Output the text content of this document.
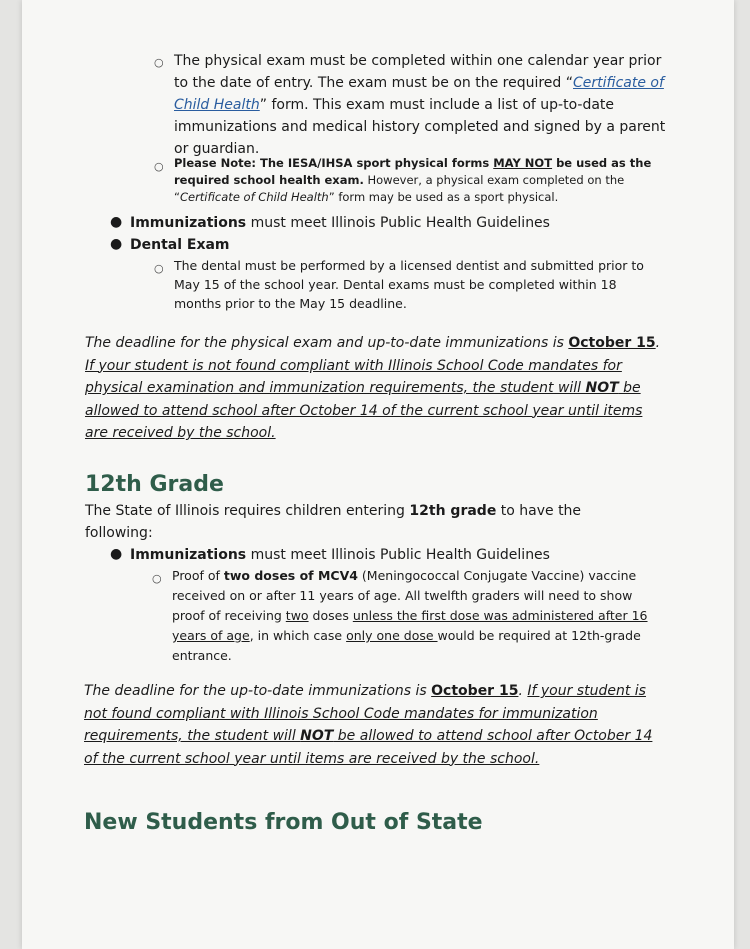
○ The physical exam must be completed within one calendar year prior to the date of entry. The exam must be on the required “Certificate of Child Health” form. This exam must include a list of up-to-date immunizations and medical history completed and signed by a parent or guardian.
○ Please Note: The IESA/IHSA sport physical forms MAY NOT be used as the required school health exam. However, a physical exam completed on the “Certificate of Child Health” form may be used as a sport physical.
● Immunizations must meet Illinois Public Health Guidelines
● Dental Exam
○ The dental must be performed by a licensed dentist and submitted prior to May 15 of the school year. Dental exams must be completed within 18 months prior to the May 15 deadline.
The deadline for the physical exam and up-to-date immunizations is October 15. If your student is not found compliant with Illinois School Code mandates for physical examination and immunization requirements, the student will NOT be allowed to attend school after October 14 of the current school year until items are received by the school.
12th Grade
The State of Illinois requires children entering 12th grade to have the following:
● Immunizations must meet Illinois Public Health Guidelines
○ Proof of two doses of MCV4 (Meningococcal Conjugate Vaccine) vaccine received on or after 11 years of age. All twelfth graders will need to show proof of receiving two doses unless the first dose was administered after 16 years of age, in which case only one dose would be required at 12th-grade entrance.
The deadline for the up-to-date immunizations is October 15. If your student is not found compliant with Illinois School Code mandates for immunization requirements, the student will NOT be allowed to attend school after October 14 of the current school year until items are received by the school.
New Students from Out of State
